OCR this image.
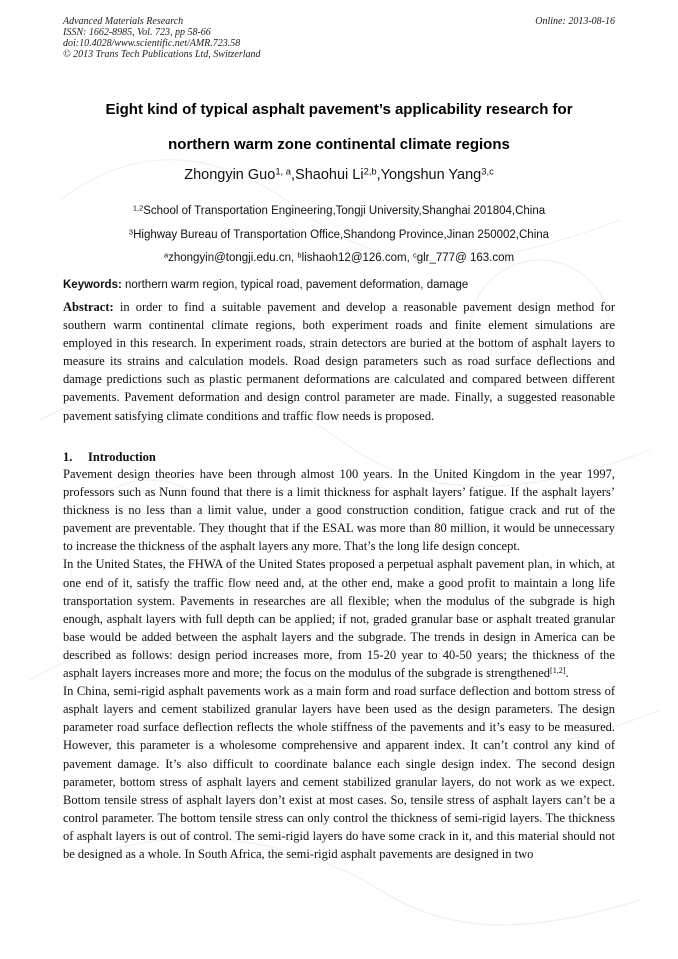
Advanced Materials Research
ISSN: 1662-8985, Vol. 723, pp 58-66
doi:10.4028/www.scientific.net/AMR.723.58
© 2013 Trans Tech Publications Ltd, Switzerland
Online: 2013-08-16
Eight kind of typical asphalt pavement’s applicability research for
northern warm zone continental climate regions
Zhongyin Guo$^{1, a}$,Shaohui Li$^{2,b}$,Yongshun Yang$^{3,c}$
$^{1,2}$School of Transportation Engineering,Tongji University,Shanghai 201804,China
$^3$Highway Bureau of Transportation Office,Shandong Province,Jinan 250002,China
$^a$zhongyin@tongji.edu.cn, $^b$lishaoh12@126.com, $^c$glr_777@ 163.com
Keywords: northern warm region, typical road, pavement deformation, damage
Abstract: in order to find a suitable pavement and develop a reasonable pavement design method for southern warm continental climate regions, both experiment roads and finite element simulations are employed in this research. In experiment roads, strain detectors are buried at the bottom of asphalt layers to measure its strains and calculation models. Road design parameters such as road surface deflections and damage predictions such as plastic permanent deformations are calculated and compared between different pavements. Pavement deformation and design control parameter are made. Finally, a suggested reasonable pavement satisfying climate conditions and traffic flow needs is proposed.
1. Introduction

Pavement design theories have been through almost 100 years. In the United Kingdom in the year 1997, professors such as Nunn found that there is a limit thickness for asphalt layers’ fatigue. If the asphalt layers’ thickness is no less than a limit value, under a good construction condition, fatigue crack and rut of the pavement are preventable. They thought that if the ESAL was more than 80 million, it would be unnecessary to increase the thickness of the asphalt layers any more. That’s the long life design concept.

In the United States, the FHWA of the United States proposed a perpetual asphalt pavement plan, in which, at one end of it, satisfy the traffic flow need and, at the other end, make a good profit to maintain a long life transportation system. Pavements in researches are all flexible; when the modulus of the subgrade is high enough, asphalt layers with full depth can be applied; if not, graded granular base or asphalt treated granular base would be added between the asphalt layers and the subgrade. The trends in design in America can be described as follows: design period increases more, from 15-20 year to 40-50 years; the thickness of the asphalt layers increases more and more; the focus on the modulus of the subgrade is strengthened[1,2].

In China, semi-rigid asphalt pavements work as a main form and road surface deflection and bottom stress of asphalt layers and cement stabilized granular layers have been used as the design parameters. The design parameter road surface deflection reflects the whole stiffness of the pavements and it’s easy to be measured. However, this parameter is a wholesome comprehensive and apparent index. It can’t control any kind of pavement damage. It’s also difficult to coordinate balance each single design index. The second design parameter, bottom stress of asphalt layers and cement stabilized granular layers, do not work as we expect. Bottom tensile stress of asphalt layers don’t exist at most cases. So, tensile stress of asphalt layers can’t be a control parameter. The bottom tensile stress can only control the thickness of semi-rigid layers. The thickness of asphalt layers is out of control. The semi-rigid layers do have some crack in it, and this material should not be designed as a whole. In South Africa, the semi-rigid asphalt pavements are designed in two
